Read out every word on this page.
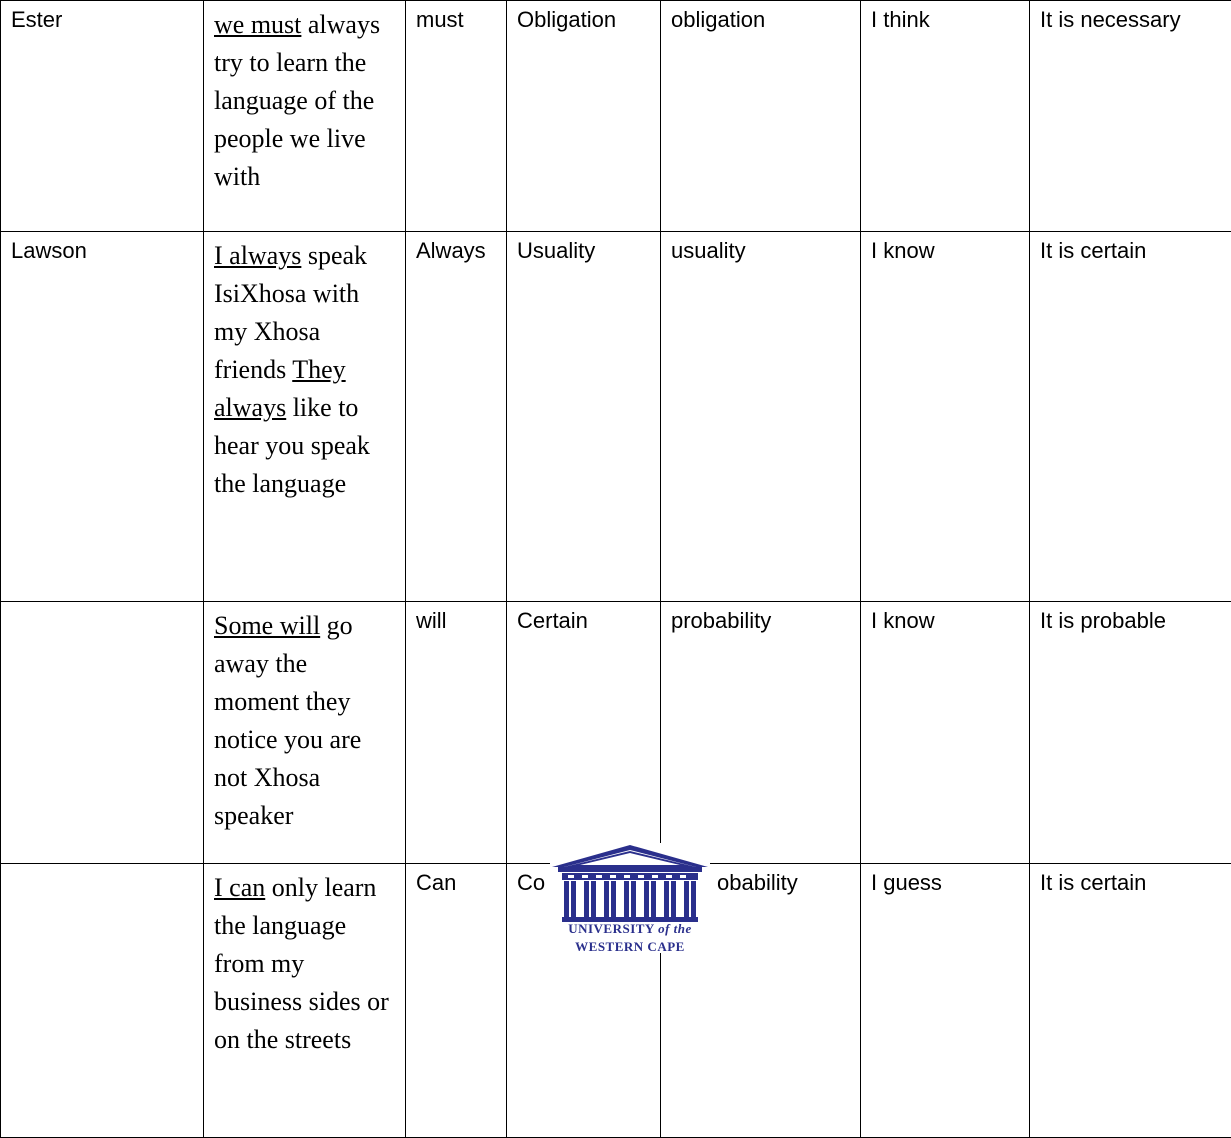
Ester	we must always try to learn the language of the people we live with	must	Obligation	obligation	I think	It is necessary
Lawson	I always speak IsiXhosa with my Xhosa friends They always like to hear you speak the language	Always	Usuality	usuality	I know	It is certain
	Some will go away the moment they notice you are not Xhosa speaker	will	Certain	probability	I know	It is probable
	I can only learn the language from my business sides or on the streets	Can	Co	obability	I guess	It is certain
UNIVERSITY of the
WESTERN CAPE
